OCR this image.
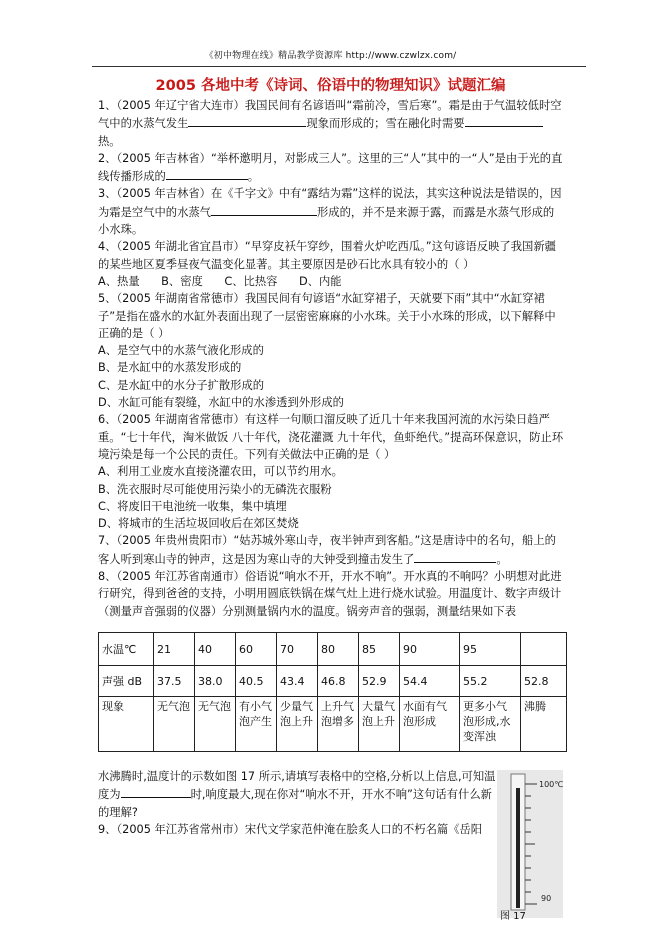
《初中物理在线》精品教学资源库 http://www.czwlzx.com/
2005 各地中考《诗词、俗语中的物理知识》试题汇编

1、（2005 年辽宁省大连市）我国民间有名谚语叫“霜前冷，雪后寒”。霜是由于气温较低时空气中的水蒸气发生	现象而形成的；雪在融化时需要热。

2、（2005 年吉林省）“举杯邀明月，对影成三人”。这里的三“人”其中的一“人”是由于光的直线传播形成的	。

3、（2005 年吉林省）在《千字文》中有“露结为霜”这样的说法，其实这种说法是错误的，因为霜是空气中的水蒸气	形成的，并不是来源于露，而露是水蒸气形成的小水珠。

4、（2005 年湖北省宜昌市）“早穿皮袄午穿纱，围着火炉吃西瓜。”这句谚语反映了我国新疆的某些地区夏季昼夜气温变化显著。其主要原因是砂石比水具有较小的（ ）

A、热量      B、密度      C、比热容      D、内能

5、（2005 年湖南省常德市）我国民间有句谚语“水缸穿裙子，天就要下雨”其中“水缸穿裙子”是指在盛水的水缸外表面出现了一层密密麻麻的小水珠。关于小水珠的形成，以下解释中正确的是（ ）

A、是空气中的水蒸气液化形成的

B、是水缸中的水蒸发形成的

C、是水缸中的水分子扩散形成的

D、水缸可能有裂缝，水缸中的水渗透到外形成的

6、（2005 年湖南省常德市）有这样一句顺口溜反映了近几十年来我国河流的水污染日趋严重。“七十年代，淘米做饭 八十年代，浇花灌溉 九十年代，鱼虾绝代。”提高环保意识，防止环境污染是每一个公民的责任。下列有关做法中正确的是（ ）

A、利用工业废水直接浇灌农田，可以节约用水。

B、洗衣服时尽可能使用污染小的无磷洗衣服粉

C、将废旧干电池统一收集，集中填埋

D、将城市的生活垃圾回收后在郊区焚烧

7、（2005 年贵州贵阳市）“姑苏城外寒山寺，夜半钟声到客船。”这是唐诗中的名句，船上的客人听到寒山寺的钟声，这是因为寒山寺的大钟受到撞击发生了	。

8、（2005 年江苏省南通市）俗语说“响水不开，开水不响”。开水真的不响吗？小明想对此进行研究，得到爸爸的支持，小明用圆底铁锅在煤气灶上进行烧水试验。用温度计、数字声级计（测量声音强弱的仪器）分别测量锅内水的温度。锅旁声音的强弱，测量结果如下表

水温℃	21	40	60	70	80	85	90	95	
声强 dB	37.5	38.0	40.5	43.4	46.8	52.9	54.4	55.2	52.8
现象	无气泡	无气泡	有小气泡产生	少量气泡上升	上升气泡增多	大量气泡上升	水面有气泡形成	更多小气泡形成,水变浑浊	沸腾

水沸腾时,温度计的示数如图 17 所示,请填写表格中的空格,分析以上信息,可知温度为	时,响度最大,现在你对“响水不开，开水不响”这句话有什么新的理解?

9、（2005 年江苏省常州市）宋代文学家范仲淹在脍炙人口的不朽名篇《岳阳

100℃
90
图 17
